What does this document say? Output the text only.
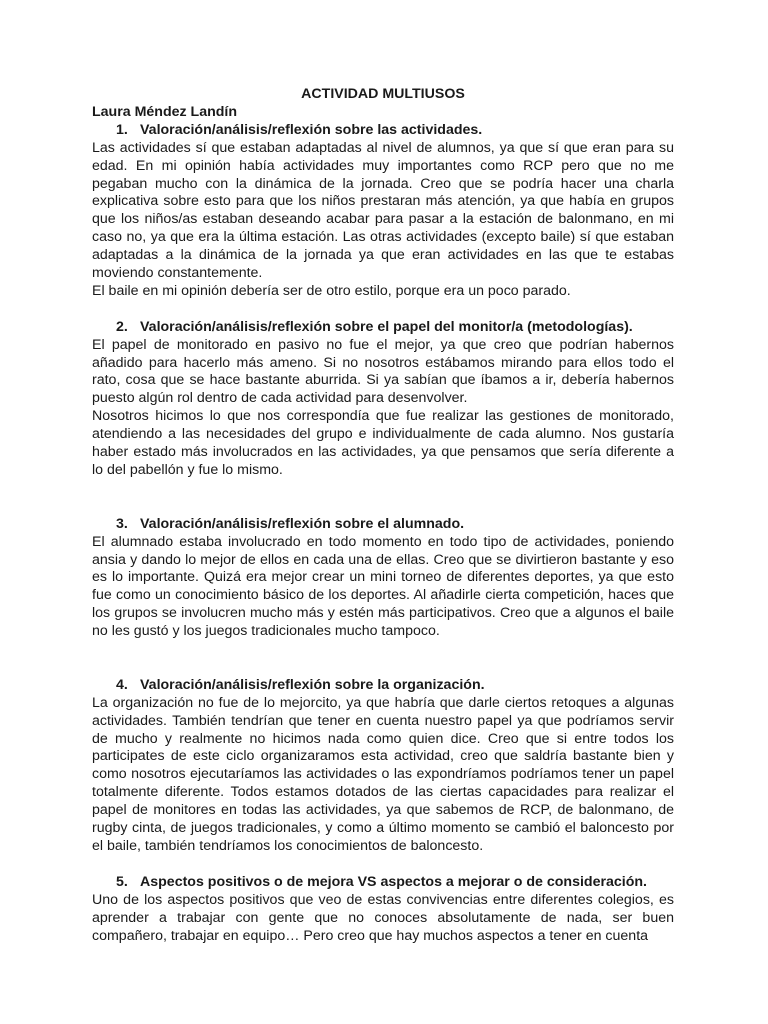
ACTIVIDAD MULTIUSOS

Laura Méndez Landín

1. Valoración/análisis/reflexión sobre las actividades.

Las actividades sí que estaban adaptadas al nivel de alumnos, ya que sí que eran para su edad. En mi opinión había actividades muy importantes como RCP pero que no me pegaban mucho con la dinámica de la jornada. Creo que se podría hacer una charla explicativa sobre esto para que los niños prestaran más atención, ya que había en grupos que los niños/as estaban deseando acabar para pasar a la estación de balonmano, en mi caso no, ya que era la última estación. Las otras actividades (excepto baile) sí que estaban adaptadas a la dinámica de la jornada ya que eran actividades en las que te estabas moviendo constantemente.

El baile en mi opinión debería ser de otro estilo, porque era un poco parado.

2. Valoración/análisis/reflexión sobre el papel del monitor/a (metodologías).

El papel de monitorado en pasivo no fue el mejor, ya que creo que podrían habernos añadido para hacerlo más ameno. Si no nosotros estábamos mirando para ellos todo el rato, cosa que se hace bastante aburrida. Si ya sabían que íbamos a ir, debería habernos puesto algún rol dentro de cada actividad para desenvolver.

Nosotros hicimos lo que nos correspondía que fue realizar las gestiones de monitorado, atendiendo a las necesidades del grupo e individualmente de cada alumno. Nos gustaría haber estado más involucrados en las actividades, ya que pensamos que sería diferente a lo del pabellón y fue lo mismo.

3. Valoración/análisis/reflexión sobre el alumnado.

El alumnado estaba involucrado en todo momento en todo tipo de actividades, poniendo ansia y dando lo mejor de ellos en cada una de ellas. Creo que se divirtieron bastante y eso es lo importante. Quizá era mejor crear un mini torneo de diferentes deportes, ya que esto fue como un conocimiento básico de los deportes. Al añadirle cierta competición, haces que los grupos se involucren mucho más y estén más participativos. Creo que a algunos el baile no les gustó y los juegos tradicionales mucho tampoco.

4. Valoración/análisis/reflexión sobre la organización.

La organización no fue de lo mejorcito, ya que habría que darle ciertos retoques a algunas actividades. También tendrían que tener en cuenta nuestro papel ya que podríamos servir de mucho y realmente no hicimos nada como quien dice. Creo que si entre todos los participates de este ciclo organizaramos esta actividad, creo que saldría bastante bien y como nosotros ejecutaríamos las actividades o las expondríamos podríamos tener un papel totalmente diferente. Todos estamos dotados de las ciertas capacidades para realizar el papel de monitores en todas las actividades, ya que sabemos de RCP, de balonmano, de rugby cinta, de juegos tradicionales, y como a último momento se cambió el baloncesto por el baile, también tendríamos los conocimientos de baloncesto.

5. Aspectos positivos o de mejora VS aspectos a mejorar o de consideración.

Uno de los aspectos positivos que veo de estas convivencias entre diferentes colegios, es aprender a trabajar con gente que no conoces absolutamente de nada, ser buen compañero, trabajar en equipo… Pero creo que hay muchos aspectos a tener en cuenta
